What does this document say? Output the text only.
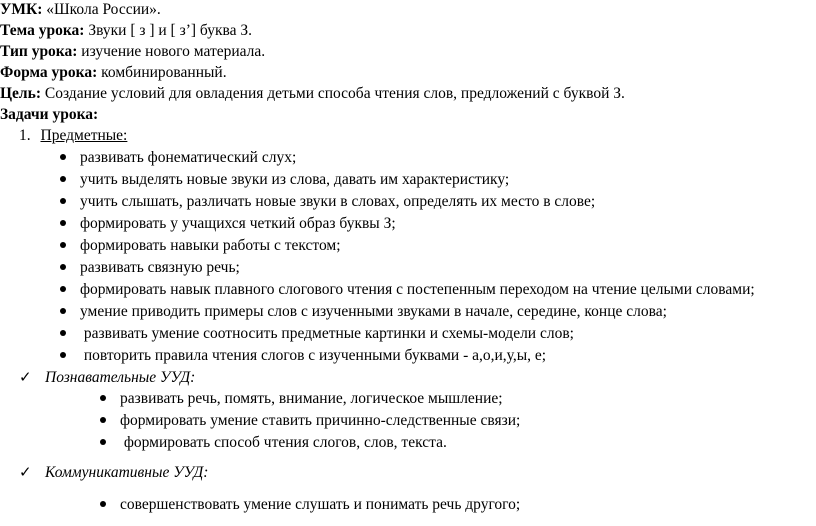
УМК: «Школа России».
Тема урока: Звуки [ з ] и [ з’] буква З.
Тип урока: изучение нового материала.
Форма урока: комбинированный.
Цель: Создание условий для овладения детьми способа чтения слов, предложений с буквой З.
Задачи урока:
1. Предметные:
развивать фонематический слух;
учить выделять новые звуки из слова, давать им характеристику;
учить слышать, различать новые звуки в словах, определять их место в слове;
формировать у учащихся четкий образ буквы З;
формировать навыки работы с текстом;
развивать связную речь;
формировать навык плавного слогового чтения с постепенным переходом на чтение целыми словами;
умение приводить примеры слов с изученными звуками в начале, середине, конце слова;
развивать умение соотносить предметные картинки и схемы-модели слов;
повторить правила чтения слогов с изученными буквами - а,о,и,у,ы, е;
✓ Познавательные УУД:
развивать речь, помять, внимание, логическое мышление;
формировать умение ставить причинно-следственные связи;
формировать способ чтения слогов, слов, текста.
✓ Коммуникативные УУД:
совершенствовать умение слушать и понимать речь другого;
